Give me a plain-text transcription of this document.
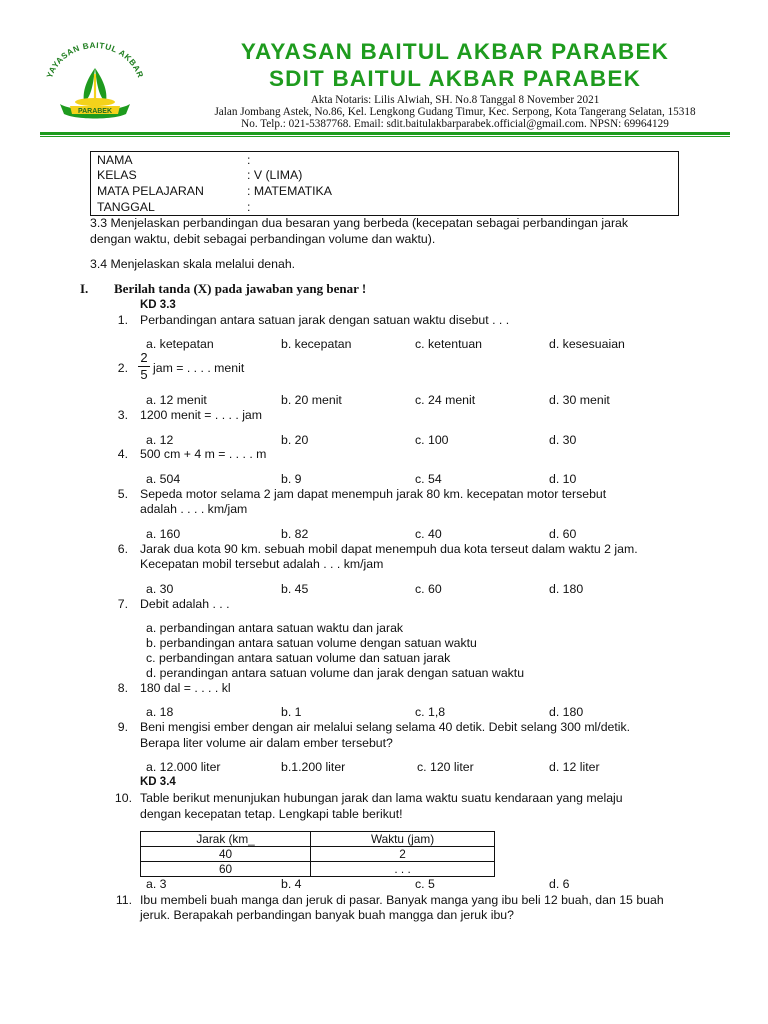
YAYASAN BAITUL AKBAR
PARABEK
YAYASAN BAITUL AKBAR PARABEK
SDIT BAITUL AKBAR PARABEK
Akta Notaris: Lilis Alwiah, SH. No.8 Tanggal 8 November 2021
Jalan Jombang Astek, No.86, Kel. Lengkong Gudang Timur, Kec. Serpong, Kota Tangerang Selatan, 15318
No. Telp.: 021-5387768. Email: sdit.baitulakbarparabek.official@gmail.com. NPSN: 69964129
NAMA	:
KELAS	: V (LIMA)
MATA PELAJARAN	: MATEMATIKA
TANGGAL	:
3.3 Menjelaskan perbandingan dua besaran yang berbeda (kecepatan sebagai perbandingan jarak
dengan waktu, debit sebagai perbandingan volume dan waktu).
3.4 Menjelaskan skala melalui denah.
I. Berilah tanda (X) pada jawaban yang benar !
KD 3.3
1. Perbandingan antara satuan jarak dengan satuan waktu disebut . . .
a. ketepatan	b. kecepatan	c. ketentuan	d. kesesuaian
2.
2
5 jam = . . . . menit
a. 12 menit	b. 20 menit	c. 24 menit	d. 30 menit
3. 1200 menit = . . . . jam
a. 12	b. 20	c. 100	d. 30
4. 500 cm + 4 m = . . . . m
a. 504	b. 9	c. 54	d. 10
5. Sepeda motor selama 2 jam dapat menempuh jarak 80 km. kecepatan motor tersebut
adalah . . . . km/jam
a. 160	b. 82	c. 40	d. 60
6. Jarak dua kota 90 km. sebuah mobil dapat menempuh dua kota terseut dalam waktu 2 jam.
Kecepatan mobil tersebut adalah . . . km/jam
a. 30	b. 45	c. 60	d. 180
7. Debit adalah . . .
a. perbandingan antara satuan waktu dan jarak
b. perbandingan antara satuan volume dengan satuan waktu
c. perbandingan antara satuan volume dan satuan jarak
d. perandingan antara satuan volume dan jarak dengan satuan waktu
8. 180 dal = . . . . kl
a. 18	b. 1	c. 1,8	d. 180
9. Beni mengisi ember dengan air melalui selang selama 40 detik. Debit selang 300 ml/detik.
Berapa liter volume air dalam ember tersebut?
a. 12.000 liter	b.1.200 liter	c. 120 liter	d. 12 liter
KD 3.4
10. Table berikut menunjukan hubungan jarak dan lama waktu suatu kendaraan yang melaju
dengan kecepatan tetap. Lengkapi table berikut!
Jarak (km_	Waktu (jam)
40	2
60	. . .
a. 3	b. 4	c. 5	d. 6
11. Ibu membeli buah manga dan jeruk di pasar. Banyak manga yang ibu beli 12 buah, dan 15 buah
jeruk. Berapakah perbandingan banyak buah mangga dan jeruk ibu?
